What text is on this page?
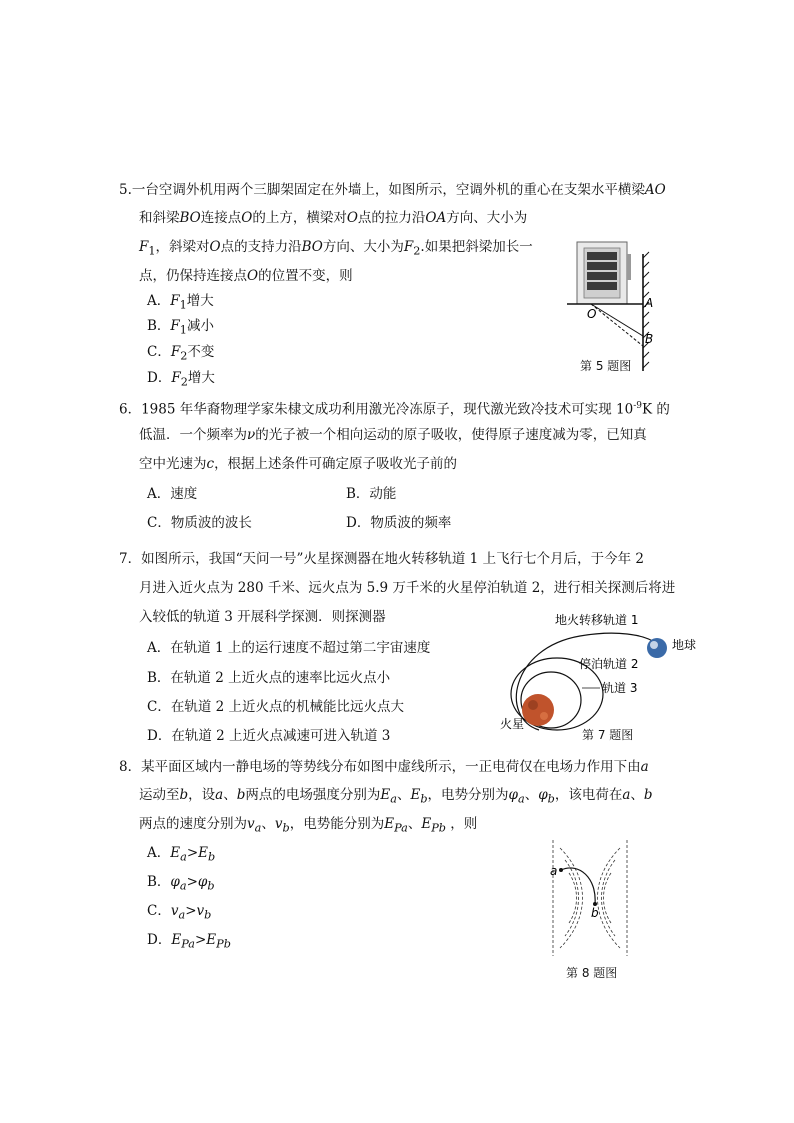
5.一台空调外机用两个三脚架固定在外墙上，如图所示，空调外机的重心在支架水平横梁AO
和斜梁BO连接点O的上方，横梁对O点的拉力沿OA方向、大小为
$F_1$，斜梁对O点的支持力沿BO方向、大小为$F_2$.如果把斜梁加长一
点，仍保持连接点O的位置不变，则
A．$F_1$增大
B．$F_1$减小
C．$F_2$不变
D．$F_2$增大
A
O
B
第 5 题图
6．1985 年华裔物理学家朱棣文成功利用激光冷冻原子，现代激光致冷技术可实现 $10^{-9}K$ 的
低温．一个频率为ν的光子被一个相向运动的原子吸收，使得原子速度减为零，已知真
空中光速为c，根据上述条件可确定原子吸收光子前的
A．速度	B．动能
C．物质波的波长	D．物质波的频率
7．如图所示，我国“天问一号”火星探测器在地火转移轨道 1 上飞行七个月后，于今年 2
月进入近火点为 280 千米、远火点为 5.9 万千米的火星停泊轨道 2，进行相关探测后将进
入较低的轨道 3 开展科学探测．则探测器
A．在轨道 1 上的运行速度不超过第二宇宙速度
B．在轨道 2 上近火点的速率比远火点小
C．在轨道 2 上近火点的机械能比远火点大
D．在轨道 2 上近火点减速可进入轨道 3
地火转移轨道 1
地球
停泊轨道 2
轨道 3
火星
第 7 题图
8．某平面区域内一静电场的等势线分布如图中虚线所示，一正电荷仅在电场力作用下由a
运动至b，设a、b两点的电场强度分别为$E_a$、$E_b$，电势分别为$\varphi_a$、$\varphi_b$，该电荷在a、b
两点的速度分别为$v_a$、$v_b$，电势能分别为$E_{Pa}$、$E_{Pb}$ ，则
A．$E_a>E_b$
B．$\varphi_a>\varphi_b$
C．$v_a>v_b$
D．$E_{Pa}>E_{Pb}$
a
b
第 8 题图
